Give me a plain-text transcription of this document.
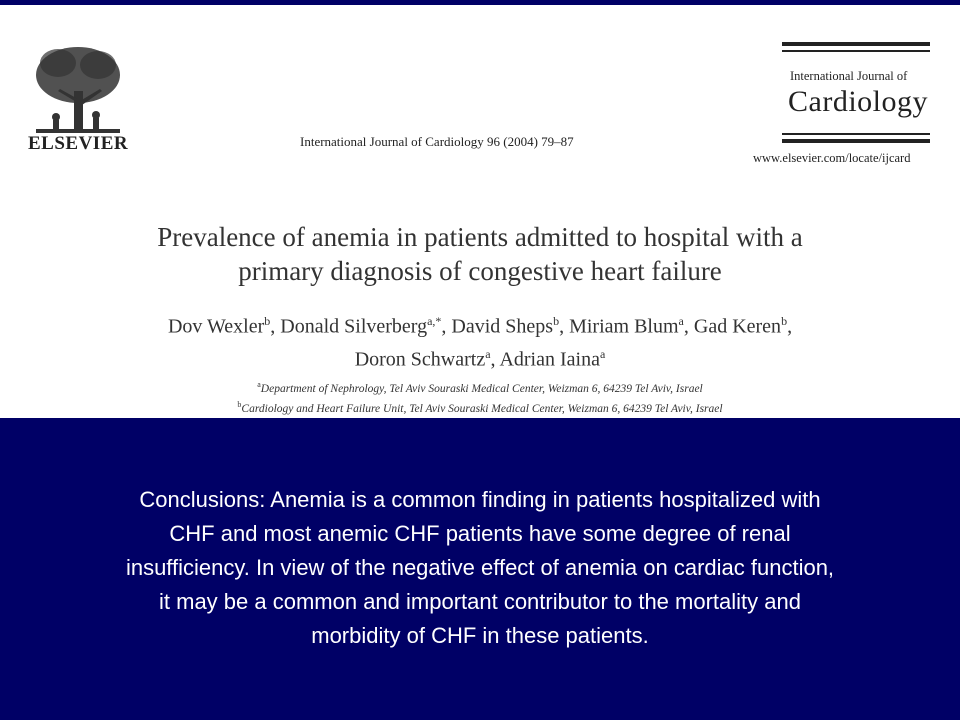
ELSEVIER	International Journal of Cardiology 96 (2004) 79–87
International Journal of
Cardiology
www.elsevier.com/locate/ijcard
Prevalence of anemia in patients admitted to hospital with a
primary diagnosis of congestive heart failure
Dov Wexler$^b$, Donald Silverberg$^{a,*}$, David Sheps$^b$, Miriam Blum$^a$, Gad Keren$^b$,
Doron Schwartz$^a$, Adrian Iaina$^a$
$^a$Department of Nephrology, Tel Aviv Souraski Medical Center, Weizman 6, 64239 Tel Aviv, Israel
$^b$Cardiology and Heart Failure Unit, Tel Aviv Souraski Medical Center, Weizman 6, 64239 Tel Aviv, Israel
Conclusions: Anemia is a common finding in patients hospitalized with
CHF and most anemic CHF patients have some degree of renal
insufficiency. In view of the negative effect of anemia on cardiac function,
it may be a common and important contributor to the mortality and
morbidity of CHF in these patients.
